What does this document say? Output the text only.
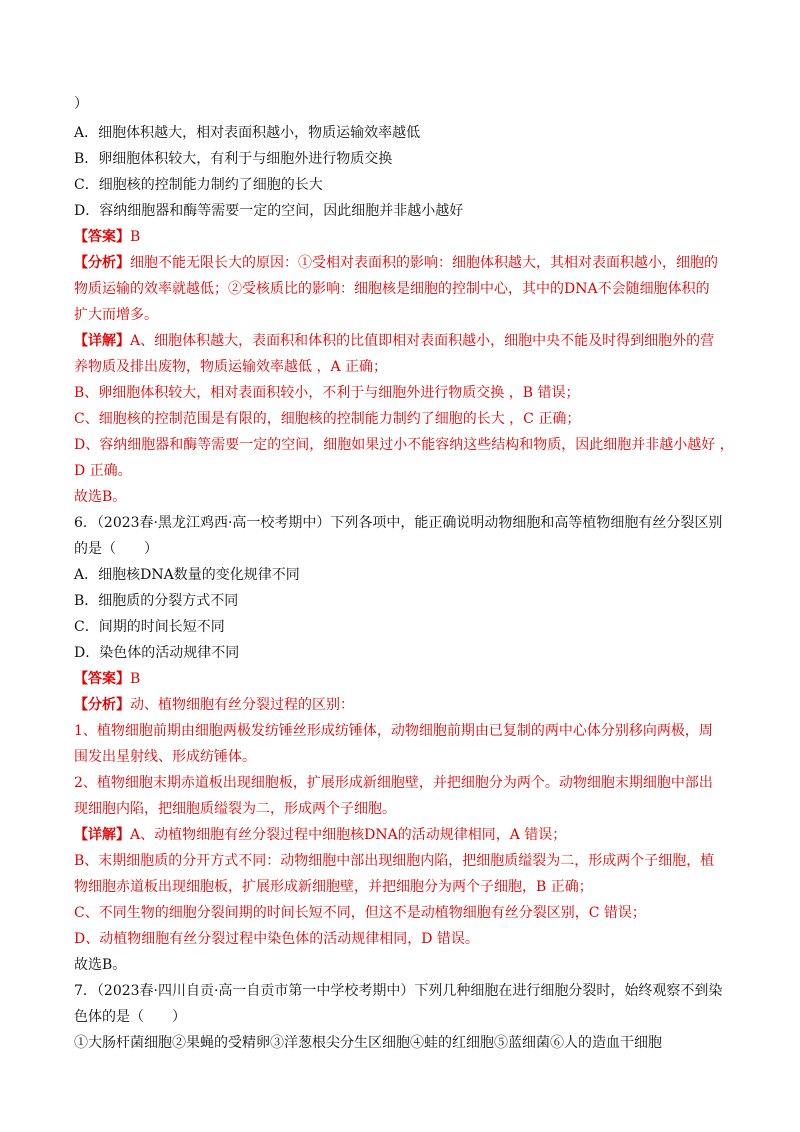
）
A．细胞体积越大，相对表面积越小，物质运输效率越低
B．卵细胞体积较大，有利于与细胞外进行物质交换
C．细胞核的控制能力制约了细胞的长大
D．容纳细胞器和酶等需要一定的空间，因此细胞并非越小越好
【答案】B
【分析】细胞不能无限长大的原因：①受相对表面积的影响：细胞体积越大，其相对表面积越小，细胞的
物质运输的效率就越低；②受核质比的影响：细胞核是细胞的控制中心，其中的DNA不会随细胞体积的
扩大而增多。
【详解】A、细胞体积越大，表面积和体积的比值即相对表面积越小，细胞中央不能及时得到细胞外的营
养物质及排出废物，物质运输效率越低 ，A 正确；
B、卵细胞体积较大，相对表面积较小，不利于与细胞外进行物质交换 ，B 错误；
C、细胞核的控制范围是有限的，细胞核的控制能力制约了细胞的长大 ，C 正确；
D、容纳细胞器和酶等需要一定的空间，细胞如果过小不能容纳这些结构和物质，因此细胞并非越小越好 ，
D 正确。
故选B。
6．（2023春·黑龙江鸡西·高一校考期中）下列各项中，能正确说明动物细胞和高等植物细胞有丝分裂区别
的是（　　）
A．细胞核DNA数量的变化规律不同
B．细胞质的分裂方式不同
C．间期的时间长短不同
D．染色体的活动规律不同
【答案】B
【分析】动、植物细胞有丝分裂过程的区别：
1、植物细胞前期由细胞两极发纺锤丝形成纺锤体，动物细胞前期由已复制的两中心体分别移向两极，周
围发出星射线、形成纺锤体。
2、植物细胞末期赤道板出现细胞板，扩展形成新细胞壁，并把细胞分为两个。动物细胞末期细胞中部出
现细胞内陷，把细胞质缢裂为二，形成两个子细胞。
【详解】A、动植物细胞有丝分裂过程中细胞核DNA的活动规律相同，A 错误；
B、末期细胞质的分开方式不同：动物细胞中部出现细胞内陷，把细胞质缢裂为二，形成两个子细胞，植
物细胞赤道板出现细胞板，扩展形成新细胞壁，并把细胞分为两个子细胞，B 正确；
C、不同生物的细胞分裂间期的时间长短不同，但这不是动植物细胞有丝分裂区别，C 错误；
D、动植物细胞有丝分裂过程中染色体的活动规律相同，D 错误。
故选B。
7．（2023春·四川自贡·高一自贡市第一中学校考期中）下列几种细胞在进行细胞分裂时，始终观察不到染
色体的是（　　）
①大肠杆菌细胞②果蝇的受精卵③洋葱根尖分生区细胞④蛙的红细胞⑤蓝细菌⑥人的造血干细胞
